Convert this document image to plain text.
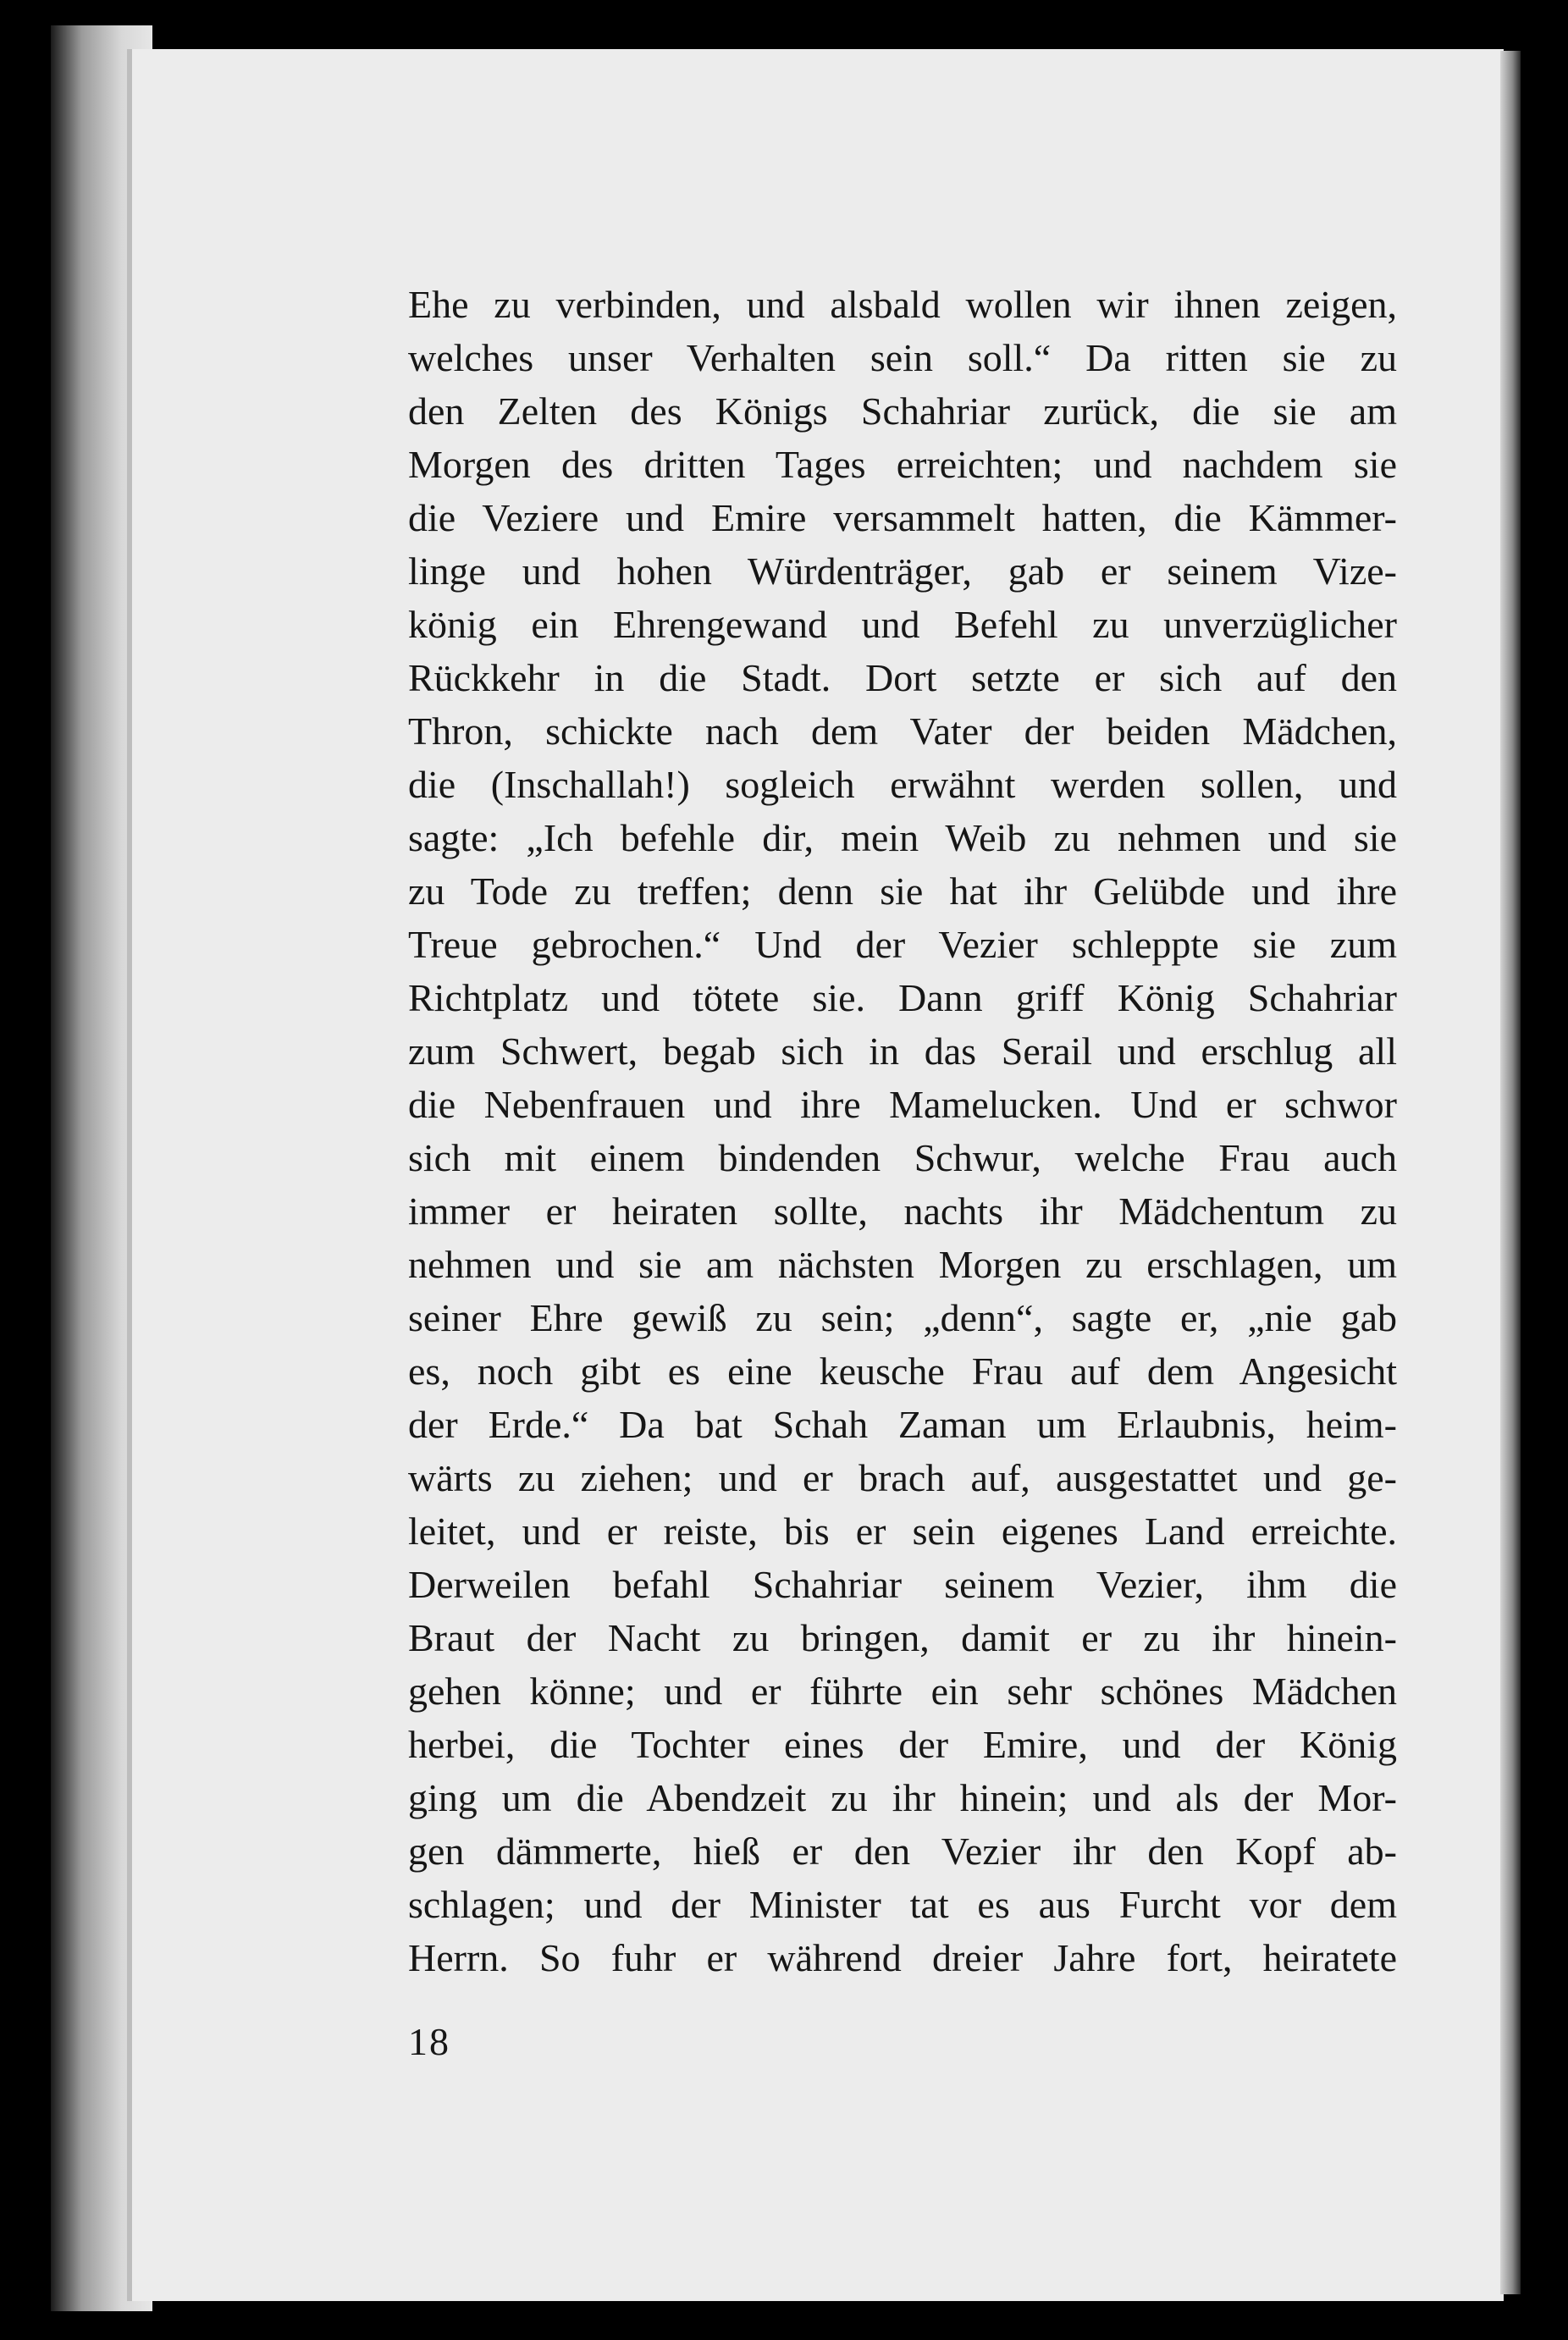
Ehe zu verbinden, und alsbald wollen wir ihnen zeigen,
welches unser Verhalten sein soll.“ Da ritten sie zu
den Zelten des Königs Schahriar zurück, die sie am
Morgen des dritten Tages erreichten; und nachdem sie
die Veziere und Emire versammelt hatten, die Kämmer-
linge und hohen Würdenträger, gab er seinem Vize-
könig ein Ehrengewand und Befehl zu unverzüglicher
Rückkehr in die Stadt. Dort setzte er sich auf den
Thron, schickte nach dem Vater der beiden Mädchen,
die (Inschallah!) sogleich erwähnt werden sollen, und
sagte: „Ich befehle dir, mein Weib zu nehmen und sie
zu Tode zu treffen; denn sie hat ihr Gelübde und ihre
Treue gebrochen.“ Und der Vezier schleppte sie zum
Richtplatz und tötete sie. Dann griff König Schahriar
zum Schwert, begab sich in das Serail und erschlug all
die Nebenfrauen und ihre Mamelucken. Und er schwor
sich mit einem bindenden Schwur, welche Frau auch
immer er heiraten sollte, nachts ihr Mädchentum zu
nehmen und sie am nächsten Morgen zu erschlagen, um
seiner Ehre gewiß zu sein; „denn“, sagte er, „nie gab
es, noch gibt es eine keusche Frau auf dem Angesicht
der Erde.“ Da bat Schah Zaman um Erlaubnis, heim-
wärts zu ziehen; und er brach auf, ausgestattet und ge-
leitet, und er reiste, bis er sein eigenes Land erreichte.
Derweilen befahl Schahriar seinem Vezier, ihm die
Braut der Nacht zu bringen, damit er zu ihr hinein-
gehen könne; und er führte ein sehr schönes Mädchen
herbei, die Tochter eines der Emire, und der König
ging um die Abendzeit zu ihr hinein; und als der Mor-
gen dämmerte, hieß er den Vezier ihr den Kopf ab-
schlagen; und der Minister tat es aus Furcht vor dem
Herrn. So fuhr er während dreier Jahre fort, heiratete
18
